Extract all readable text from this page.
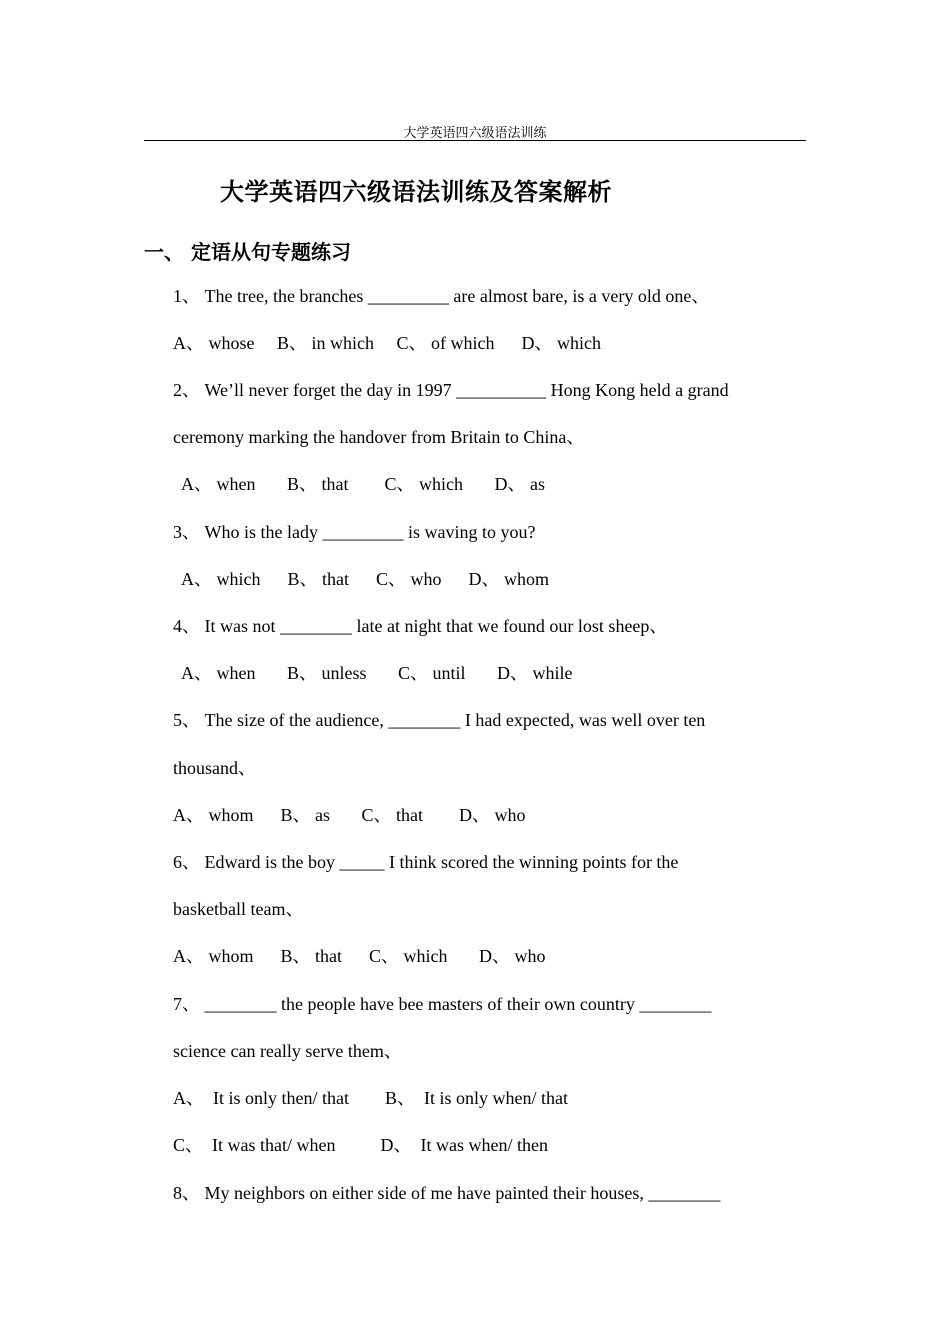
大学英语四六级语法训练
大学英语四六级语法训练及答案解析
一、 定语从句专题练习
1、 The tree, the branches _________ are almost bare, is a very old one、
A、 whose     B、 in which     C、 of which      D、 which
2、 We’ll never forget the day in 1997 __________ Hong Kong held a grand
ceremony marking the handover from Britain to China、
A、 when       B、 that        C、 which       D、 as
3、 Who is the lady _________ is waving to you?
A、 which      B、 that      C、 who      D、 whom
4、 It was not ________ late at night that we found our lost sheep、
A、 when       B、 unless       C、 until       D、 while
5、 The size of the audience, ________ I had expected, was well over ten
thousand、
A、 whom      B、 as       C、 that        D、 who
6、 Edward is the boy _____ I think scored the winning points for the
basketball team、
A、 whom      B、 that      C、 which       D、 who
7、 ________ the people have bee masters of their own country ________
science can really serve them、
A、  It is only then/ that        B、  It is only when/ that
C、  It was that/ when          D、  It was when/ then
8、 My neighbors on either side of me have painted their houses, ________
